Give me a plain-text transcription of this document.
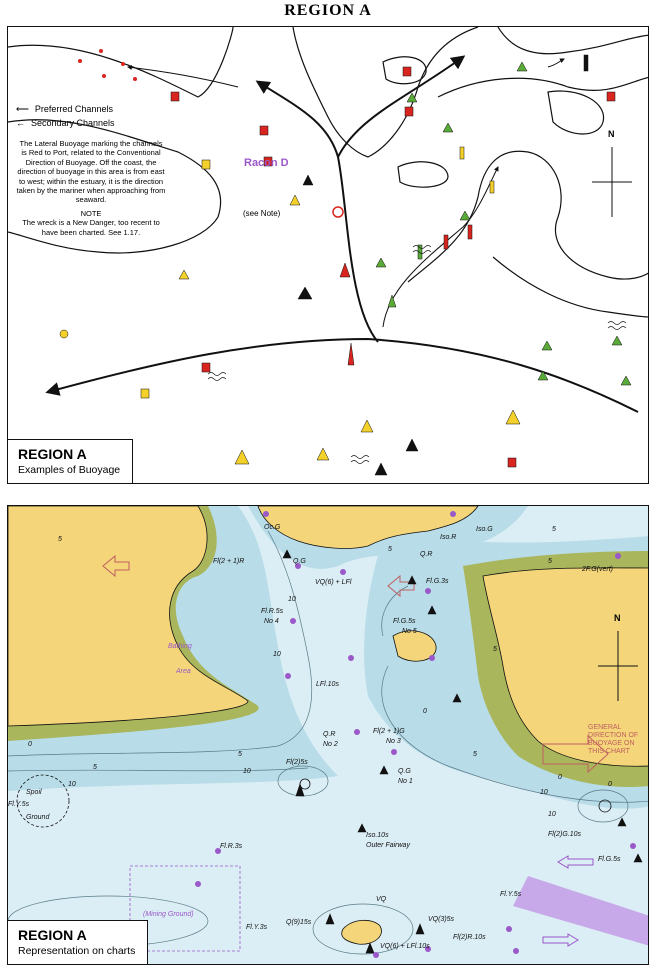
REGION A
⟵ Preferred Channels
← Secondary Channels

The Lateral Buoyage marking the channels is Red to Port, related to the Conventional Direction of Buoyage. Off the coast, the direction of buoyage in this area is from east to west; within the estuary, it is the direction taken by the mariner when approaching from seaward.

NOTE

The wreck is a New Danger, too recent to have been charted. See 1.17.

Racon D
(see Note)
N
REGION A
Examples of Buoyage
Oc.G
Iso.R
Iso.G
Fl(2 + 1)R	Q.G
Q.R
VQ(6) + LFl	Fl.G.3s
2F.G(vert)
Fl.R.5s
No 4	Fl.G.5s
No 5
Bathing
Area
LFl.10s
Q.R
No 2
Fl(2 + 1)G
No 3
Fl(2)5s
Q.G
No 1
Spoil
Fl.Y.5s
Ground
Iso.10s
Outer Fairway
Fl(2)G.10s
Fl.G.5s
Fl.R.3s
(Mining Ground)
Q(9)15s
VQ
VQ(3)5s
VQ(6) + LFl.10s
Fl.Y.3s
Fl.Y.5s
Fl(2)R.10s
5
5
5
5
10
10
10
0
0
0
5
10
5
5
0
5
10
10
GENERAL DIRECTION OF BUOYAGE ON THIS CHART
N
REGION A
Representation on charts
